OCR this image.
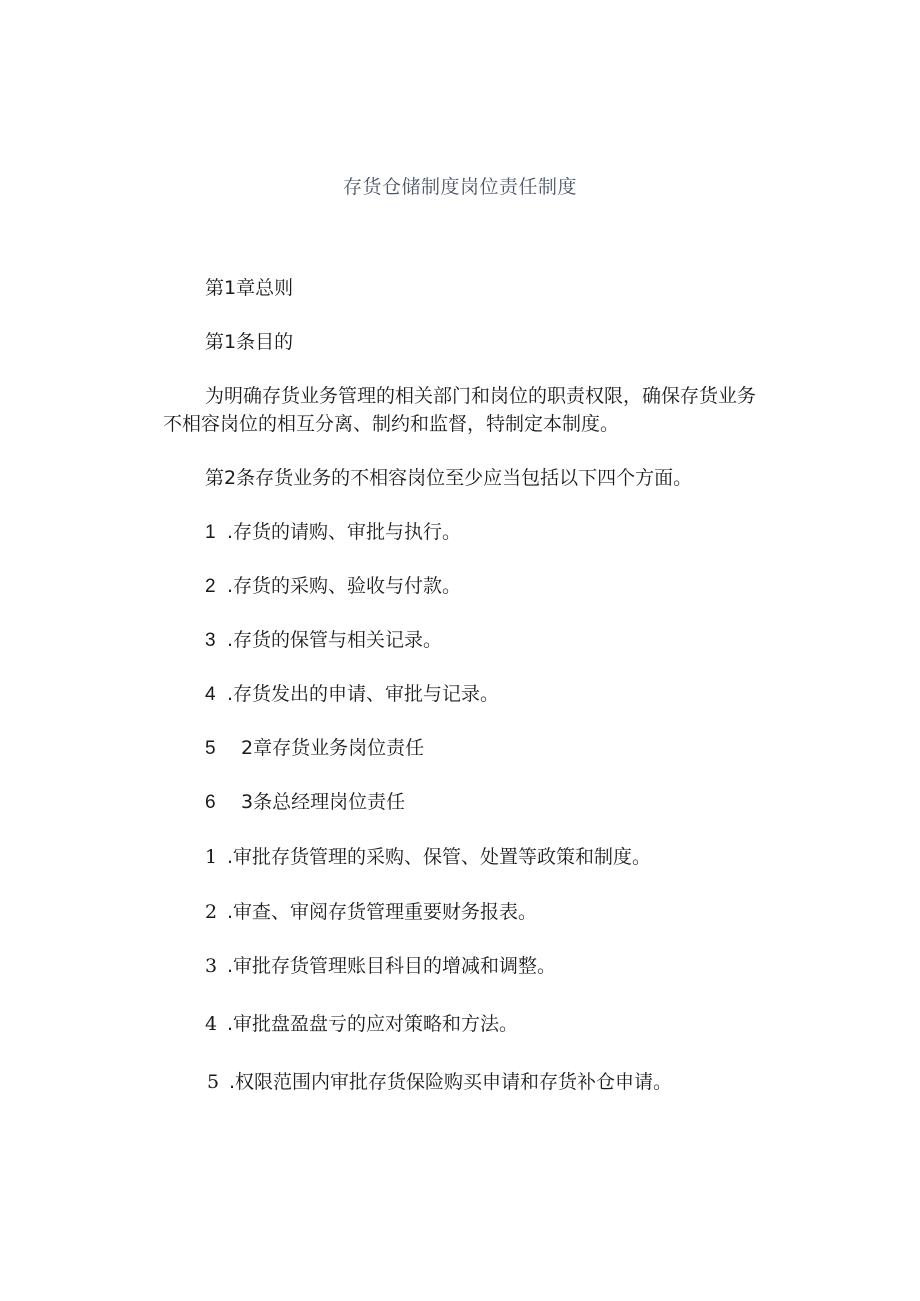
存货仓储制度岗位责任制度
第1章总则
第1条目的
为明确存货业务管理的相关部门和岗位的职责权限，确保存货业务不相容岗位的相互分离、制约和监督，特制定本制度。
第2条存货业务的不相容岗位至少应当包括以下四个方面。
1 .存货的请购、审批与执行。
2 .存货的采购、验收与付款。
3 .存货的保管与相关记录。
4 .存货发出的申请、审批与记录。
5 2章存货业务岗位责任
6 3条总经理岗位责任
1 .审批存货管理的采购、保管、处置等政策和制度。
2 .审查、审阅存货管理重要财务报表。
3 .审批存货管理账目科目的增减和调整。
4 .审批盘盈盘亏的应对策略和方法。
5 .权限范围内审批存货保险购买申请和存货补仓申请。
